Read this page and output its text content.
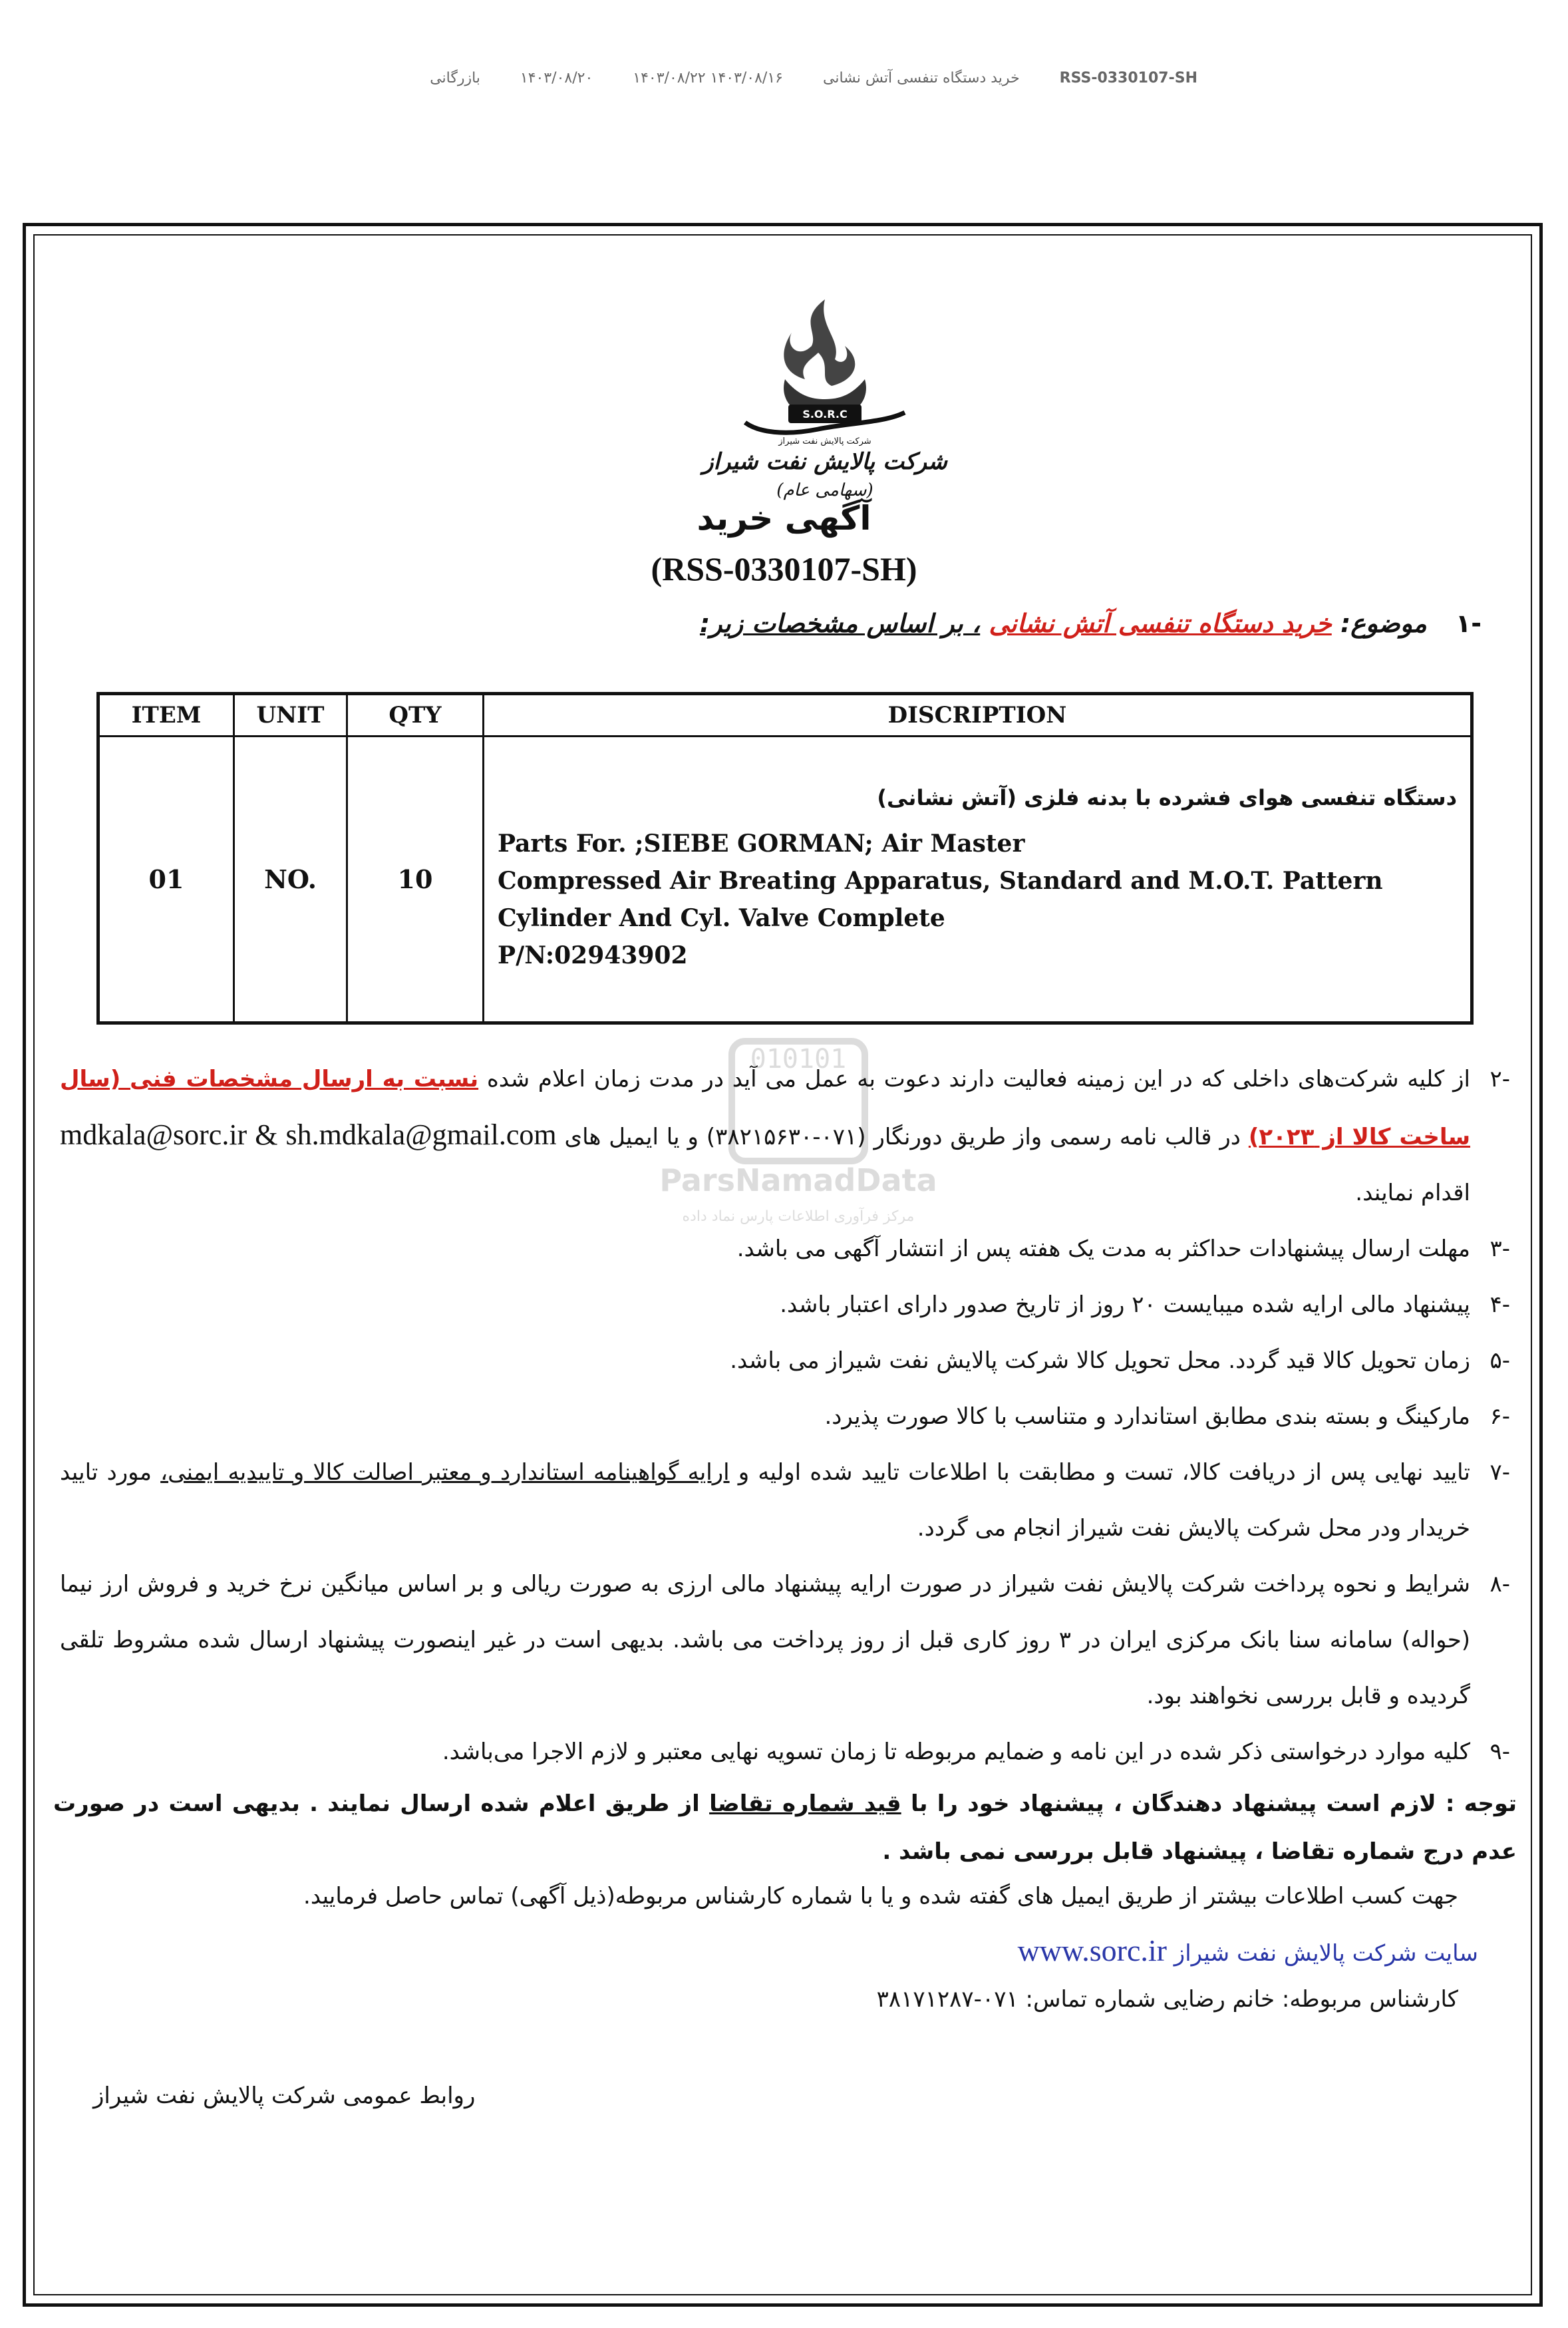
RSS-0330107-SH
خرید دستگاه تنفسی آتش نشانی
۱۴۰۳/۰۸/۱۶ ۱۴۰۳/۰۸/۲۲
۱۴۰۳/۰۸/۲۰
بازرگانی
S.O.R.C
شرکت پالایش نفت شیراز
شرکت پالایش نفت شیراز
(سهامی عام)
آگهی خرید
(RSS-0330107-SH)
-۱ موضوع: خرید دستگاه تنفسی آتش نشانی ، بر اساس مشخصات زیر:
ITEM	UNIT	QTY	DISCRIPTION
01	NO.	10	دستگاه تنفسی هوای فشرده با بدنه فلزی (آتش نشانی)
Parts For. ;SIEBE GORMAN; Air Master
Compressed Air Breating Apparatus, Standard and M.O.T. Pattern
Cylinder And Cyl. Valve Complete
P/N:02943902
010101
ParsNamadData
مرکز فرآوری اطلاعات پارس نماد داده
-۲
از کلیه شرکت‌های داخلی که در این زمینه فعالیت دارند دعوت به عمل می آید در مدت زمان اعلام شده نسبت به ارسال مشخصات فنی (سال ساخت کالا از ۲۰۲۳) در قالب نامه رسمی واز طریق دورنگار (۰۷۱-۳۸۲۱۵۶۳۰) و یا ایمیل های mdkala@sorc.ir & sh.mdkala@gmail.com اقدام نمایند.
-۳
مهلت ارسال پیشنهادات حداکثر به مدت یک هفته پس از انتشار آگهی می باشد.
-۴
پیشنهاد مالی ارایه شده میبایست ۲۰ روز از تاریخ صدور دارای اعتبار باشد.
-۵
زمان تحویل کالا قید گردد. محل تحویل کالا شرکت پالایش نفت شیراز می باشد.
-۶
مارکینگ و بسته بندی مطابق استاندارد و متناسب با کالا صورت پذیرد.
-۷
تایید نهایی پس از دریافت کالا، تست و مطابقت با اطلاعات تایید شده اولیه و ارایه گواهینامه استاندارد و معتبر اصالت کالا و تاییدیه ایمنی، مورد تایید خریدار ودر محل شرکت پالایش نفت شیراز انجام می گردد.
-۸
شرایط و نحوه پرداخت شرکت پالایش نفت شیراز در صورت ارایه پیشنهاد مالی ارزی به صورت ریالی و بر اساس میانگین نرخ خرید و فروش ارز نیما (حواله) سامانه سنا بانک مرکزی ایران در ۳ روز کاری قبل از روز پرداخت می باشد. بدیهی است در غیر اینصورت پیشنهاد ارسال شده مشروط تلقی گردیده و قابل بررسی نخواهند بود.
-۹
کلیه موارد درخواستی ذکر شده در این نامه و ضمایم مربوطه تا زمان تسویه نهایی معتبر و لازم الاجرا می‌باشد.
توجه : لازم است پیشنهاد دهندگان ، پیشنهاد خود را با قید شماره تقاضا از طریق اعلام شده ارسال نمایند . بدیهی است در صورت عدم درج شماره تقاضا ، پیشنهاد قابل بررسی نمی باشد .
جهت کسب اطلاعات بیشتر از طریق ایمیل های گفته شده و یا با شماره کارشناس مربوطه(ذیل آگهی) تماس حاصل فرمایید.
سایت شرکت پالایش نفت شیراز www.sorc.ir
کارشناس مربوطه: خانم رضایی شماره تماس: ۰۷۱-۳۸۱۷۱۲۸۷
روابط عمومی شرکت پالایش نفت شیراز
